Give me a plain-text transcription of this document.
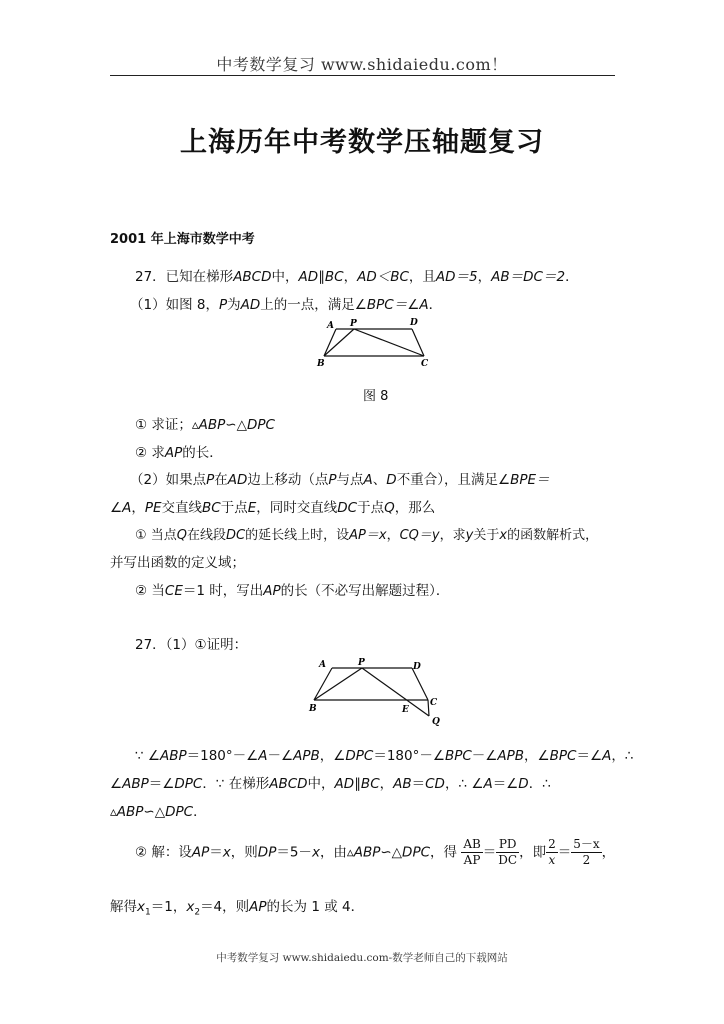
中考数学复习 www.shidaiedu.com！
上海历年中考数学压轴题复习
2001 年上海市数学中考
27．已知在梯形ABCD中，AD∥BC，AD＜BC，且AD＝5，AB＝DC＝2．
（1）如图 8，P为AD上的一点，满足∠BPC＝∠A．
A P	D
B	C
图 8
① 求证；▵ABP∽△DPC
② 求AP的长．
（2）如果点P在AD边上移动（点P与点A、D不重合），且满足∠BPE＝
∠A，PE交直线BC于点E，同时交直线DC于点Q，那么
① 当点Q在线段DC的延长线上时，设AP＝x，CQ＝y，求y关于x的函数解析式，
并写出函数的定义域；
② 当CE＝1 时，写出AP的长（不必写出解题过程）．
27．（1）①证明：
A	P	D
B	E
C
Q
∵ ∠ABP＝180°－∠A－∠APB，∠DPC＝180°－∠BPC－∠APB，∠BPC＝∠A，∴
∠ABP＝∠DPC．∵ 在梯形ABCD中，AD∥BC，AB＝CD，∴ ∠A＝∠D．∴
▵ABP∽△DPC．
② 解：设AP＝x，则DP＝5－x，由▵ABP∽△DPC，得 $\frac{AB}{AP} = \frac{PD}{DC}$ ，即 $\frac{2}{x} = \frac{5-x}{2}$ ，
解得$x_1=1$，$x_2=4$，则AP的长为 1 或 4．
中考数学复习 www.shidaiedu.com-数学老师自己的下载网站
